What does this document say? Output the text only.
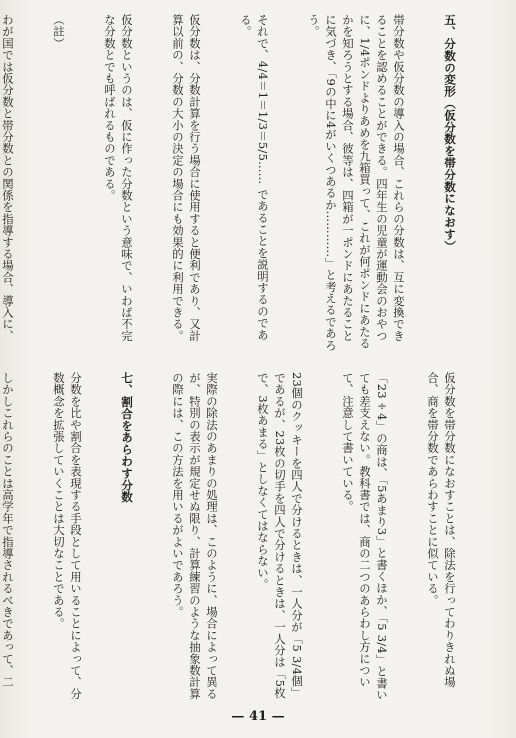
五、分数の変形（仮分数を帯分数になおす）

帯分数や仮分数の導入の場合、これらの分数は、互に変換できることを認めることができる。四年生の児童が運動会のおやつに、1/4ポンドよりあめを九箱買って、これが何ポンドにあたるかを知ろうとする場合、彼等は、四箱が一ポンドにあたることに気づき、「9の中に4がいくつあるか…………」と考えるであろう。

それで、4/4＝1＝1/3＝5/5…… であることを説明するのである。

仮分数は、分数計算を行う場合に使用すると便利であり、又計算以前の、分数の大小の決定の場合にも効果的に利用できる。

仮分数というのは、仮に作った分数という意味で、いわば不完な分数とでも呼ばれるものである。

（註）

わが国では仮分数と帯分数との関係を指導する場合、導入に、

仮分数を帯分数になおすことは、除法を行ってわりきれぬ場合、商を帯分数であらわすことに似ている。

「23÷4」の商は、「5あまり3」と書くほか、「5 3/4」と書いても差支えない。教科書では、商の二つのあらわし方について、注意して書いている。

23個のクッキーを四人で分けるときは、一人分が「5 3/4個」であるが、23枚の切手を四人で分けるときは、一人分は「5枚で、3枚あまる」としなくてはならない。

実際の除法のあまりの処理は、このように、場合によって異るが、特別の表示が規定せぬ限り、計算練習のような抽象数計算の際には、この方法を用いるがよいであろう。

七、割合をあらわす分数

分数を比や割合を表現する手段として用いることによって、分数概念を拡張していくことは大切なことである。

しかしこれらのことは高学年で指導されるべきであって、二

— 41 —
